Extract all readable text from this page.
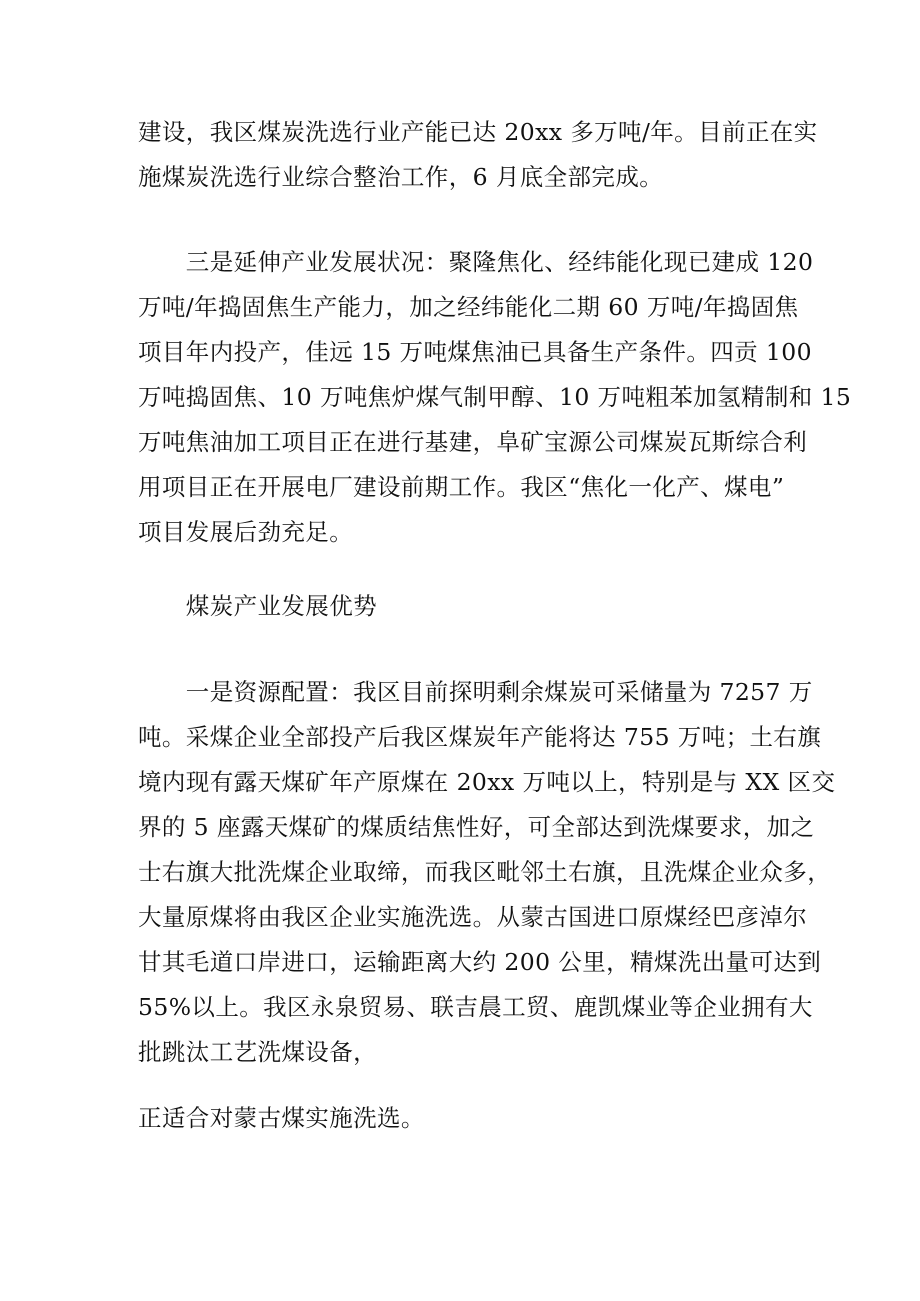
建设，我区煤炭洗选行业产能已达 20xx 多万吨/年。目前正在实
施煤炭洗选行业综合整治工作，6 月底全部完成。

　　三是延伸产业发展状况：聚隆焦化、经纬能化现已建成 120
万吨/年捣固焦生产能力，加之经纬能化二期 60 万吨/年捣固焦
项目年内投产，佳远 15 万吨煤焦油已具备生产条件。四贡 100
万吨捣固焦、10 万吨焦炉煤气制甲醇、10 万吨粗苯加氢精制和 15
万吨焦油加工项目正在进行基建，阜矿宝源公司煤炭瓦斯综合利
用项目正在开展电厂建设前期工作。我区“焦化一化产、煤电”
项目发展后劲充足。

　　煤炭产业发展优势

　　一是资源配置：我区目前探明剩余煤炭可采储量为 7257 万
吨。采煤企业全部投产后我区煤炭年产能将达 755 万吨；土右旗
境内现有露天煤矿年产原煤在 20xx 万吨以上，特别是与 XX 区交
界的 5 座露天煤矿的煤质结焦性好，可全部达到洗煤要求，加之
士右旗大批洗煤企业取缔，而我区毗邻土右旗，且洗煤企业众多，
大量原煤将由我区企业实施洗选。从蒙古国进口原煤经巴彦淖尔
甘其毛道口岸进口，运输距离大约 200 公里，精煤洗出量可达到
55%以上。我区永泉贸易、联吉晨工贸、鹿凯煤业等企业拥有大
批跳汰工艺洗煤设备，

正适合对蒙古煤实施洗选。
